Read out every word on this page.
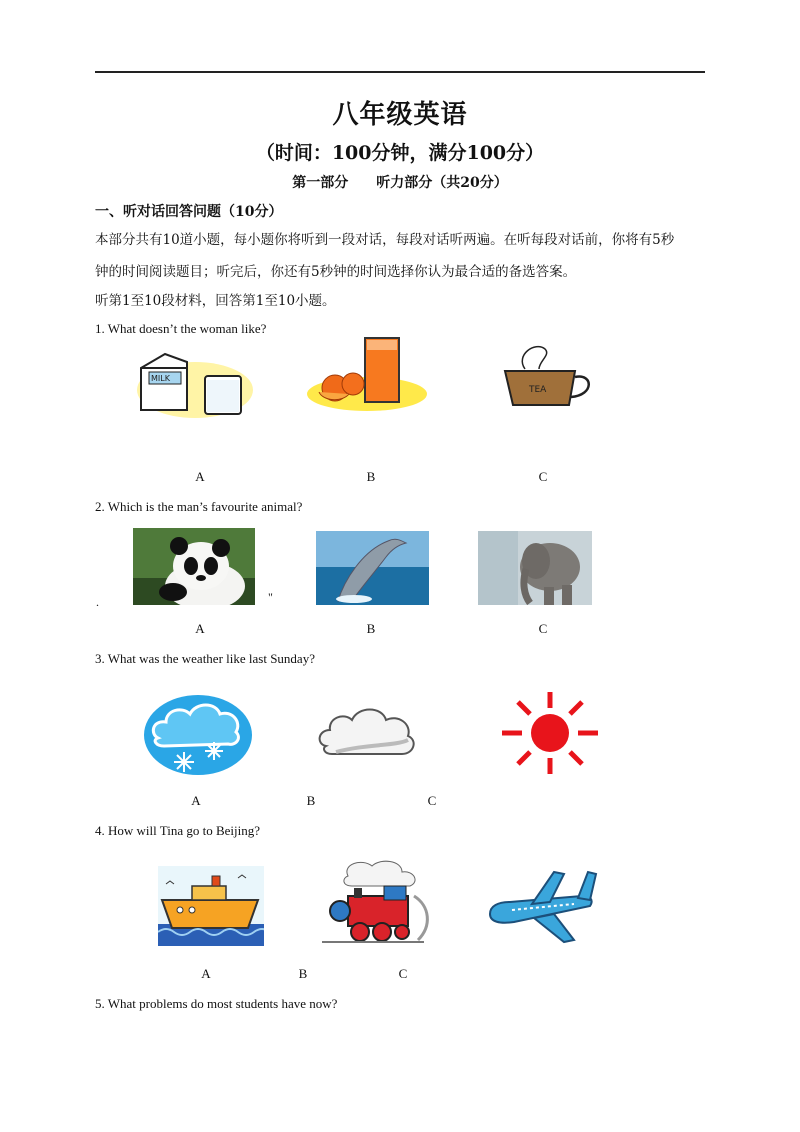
八年级英语
（时间：100分钟，满分100分）
第一部分 听力部分（共20分）
一、听对话回答问题（10分）
本部分共有10道小题，每小题你将听到一段对话，每段对话听两遍。在听每段对话前，你将有5秒
钟的时间阅读题目；听完后，你还有5秒钟的时间选择你认为最合适的备选答案。
听第1至10段材料，回答第1至10小题。
1. What doesn’t the woman like?
MILK
TEA
A	B	C
2. Which is the man’s favourite animal?
.	"
A	B	C
3. What was the weather like last Sunday?
A	B	C
4. How will Tina go to Beijing?
A	B	C
5. What problems do most students have now?
